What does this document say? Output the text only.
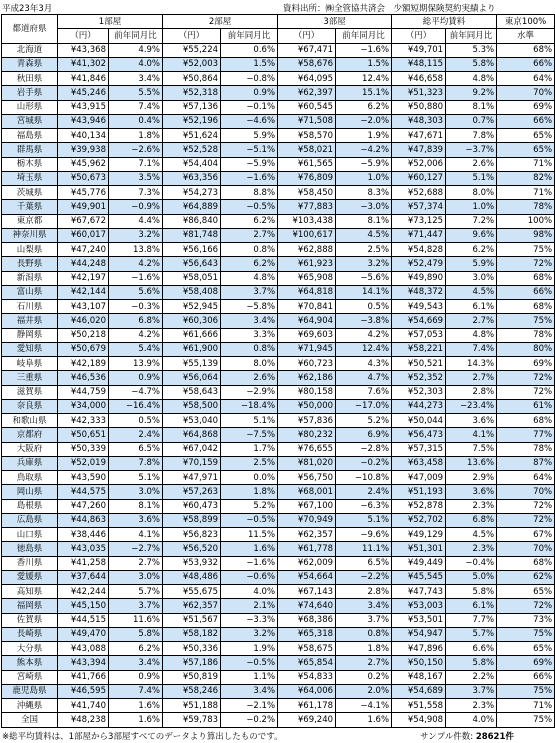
平成23年3月	資料出所：㈱全管協共済会　少額短期保険契約実績より
都道府県	1部屋		2部屋		3部屋		総平均賃料		東京100%
	（円）	前年同月比	（円）	前年同月比	（円）	前年同月比	（円）	前年同月比	水準
北海道	¥43,368	4.9%	¥55,224	0.6%	¥67,471	−1.6%	¥49,701	5.3%	68%
青森県	¥41,302	4.0%	¥52,003	1.5%	¥58,676	1.5%	¥48,115	5.8%	66%
秋田県	¥41,846	3.4%	¥50,864	−0.8%	¥64,095	12.4%	¥46,658	4.8%	64%
岩手県	¥45,246	5.5%	¥52,318	0.9%	¥62,397	15.1%	¥51,323	9.2%	70%
山形県	¥43,915	7.4%	¥57,136	−0.1%	¥60,545	6.2%	¥50,880	8.1%	69%
宮城県	¥43,946	0.4%	¥52,196	−4.6%	¥71,508	−2.0%	¥48,303	0.7%	66%
福島県	¥40,134	1.8%	¥51,624	5.9%	¥58,570	1.9%	¥47,671	7.8%	65%
群馬県	¥39,938	−2.6%	¥52,528	−5.1%	¥58,021	−4.2%	¥47,839	−3.7%	65%
栃木県	¥45,962	7.1%	¥54,404	−5.9%	¥61,565	−5.9%	¥52,006	2.6%	71%
埼玉県	¥50,673	3.5%	¥63,356	−1.6%	¥76,809	1.0%	¥60,127	5.1%	82%
茨城県	¥45,776	7.3%	¥54,273	8.8%	¥58,450	8.3%	¥52,688	8.0%	71%
千葉県	¥49,901	−0.9%	¥64,889	−0.5%	¥77,883	−3.0%	¥57,374	1.0%	78%
東京都	¥67,672	4.4%	¥86,840	6.2%	¥103,438	8.1%	¥73,125	7.2%	100%
神奈川県	¥60,017	3.2%	¥81,748	2.7%	¥100,617	4.5%	¥71,447	9.6%	98%
山梨県	¥47,240	13.8%	¥56,166	0.8%	¥62,888	2.5%	¥54,828	6.2%	75%
長野県	¥44,248	4.2%	¥56,643	6.2%	¥61,923	3.2%	¥52,479	5.9%	72%
新潟県	¥42,197	−1.6%	¥58,051	4.8%	¥65,908	−5.6%	¥49,890	3.0%	68%
富山県	¥42,144	5.6%	¥58,408	3.7%	¥64,818	14.1%	¥48,372	4.5%	66%
石川県	¥43,107	−0.3%	¥52,945	−5.8%	¥70,841	0.5%	¥49,543	6.1%	68%
福井県	¥46,020	6.8%	¥60,306	3.4%	¥64,904	−3.8%	¥54,669	2.7%	75%
静岡県	¥50,218	4.2%	¥61,666	3.3%	¥69,603	4.2%	¥57,053	4.8%	78%
愛知県	¥50,679	5.4%	¥61,900	0.8%	¥71,945	12.4%	¥58,221	7.4%	80%
岐阜県	¥42,189	13.9%	¥55,139	8.0%	¥60,723	4.3%	¥50,521	14.3%	69%
三重県	¥46,536	0.9%	¥56,064	2.6%	¥62,186	4.7%	¥52,352	2.7%	72%
滋賀県	¥44,759	−4.7%	¥58,643	−2.9%	¥80,158	7.6%	¥52,303	2.8%	72%
奈良県	¥34,000	−16.4%	¥58,500	−18.4%	¥50,000	−17.0%	¥44,273	−23.4%	61%
和歌山県	¥42,333	0.5%	¥53,040	5.1%	¥57,836	5.2%	¥50,044	3.6%	68%
京都府	¥50,651	2.4%	¥64,868	−7.5%	¥80,232	6.9%	¥56,473	4.1%	77%
大阪府	¥50,339	6.5%	¥67,042	1.7%	¥76,655	−2.8%	¥57,315	7.5%	78%
兵庫県	¥52,019	7.8%	¥70,159	2.5%	¥81,020	−0.2%	¥63,458	13.6%	87%
鳥取県	¥43,590	5.1%	¥47,971	0.0%	¥56,750	−10.8%	¥47,009	2.9%	64%
岡山県	¥44,575	3.0%	¥57,263	1.8%	¥68,001	2.4%	¥51,193	3.6%	70%
島根県	¥47,260	8.1%	¥60,473	5.2%	¥67,100	−6.3%	¥52,878	2.3%	72%
広島県	¥44,863	3.6%	¥58,899	−0.5%	¥70,949	5.1%	¥52,702	6.8%	72%
山口県	¥38,446	4.1%	¥56,823	11.5%	¥62,357	−9.6%	¥49,129	4.5%	67%
徳島県	¥43,035	−2.7%	¥56,520	1.6%	¥61,778	11.1%	¥51,301	2.3%	70%
香川県	¥41,258	2.7%	¥53,932	−1.6%	¥62,009	6.5%	¥49,449	−0.4%	68%
愛媛県	¥37,644	3.0%	¥48,486	−0.6%	¥54,664	−2.2%	¥45,545	5.0%	62%
高知県	¥42,244	5.7%	¥55,675	4.0%	¥67,143	2.8%	¥47,743	5.8%	65%
福岡県	¥45,150	3.7%	¥62,357	2.1%	¥74,640	3.4%	¥53,003	6.1%	72%
佐賀県	¥44,515	11.6%	¥51,567	−3.3%	¥68,386	3.7%	¥53,501	7.7%	73%
長崎県	¥49,470	5.8%	¥58,182	3.2%	¥65,318	0.8%	¥54,947	5.7%	75%
大分県	¥43,088	6.2%	¥50,336	1.9%	¥58,675	1.8%	¥47,896	6.6%	65%
熊本県	¥43,394	3.4%	¥57,186	−0.5%	¥65,854	2.7%	¥50,150	5.8%	69%
宮崎県	¥41,766	0.9%	¥50,819	1.1%	¥54,833	0.2%	¥48,167	2.2%	66%
鹿児島県	¥46,595	7.4%	¥58,246	3.4%	¥64,006	2.0%	¥54,689	3.7%	75%
沖縄県	¥41,740	1.6%	¥51,188	−2.1%	¥61,178	−4.1%	¥51,558	2.3%	71%
全国	¥48,238	1.6%	¥59,783	−0.2%	¥69,240	1.6%	¥54,908	4.0%	75%
※総平均賃料は、1部屋から3部屋すべてのデータより算出したものです。	サンプル件数: 28621件
